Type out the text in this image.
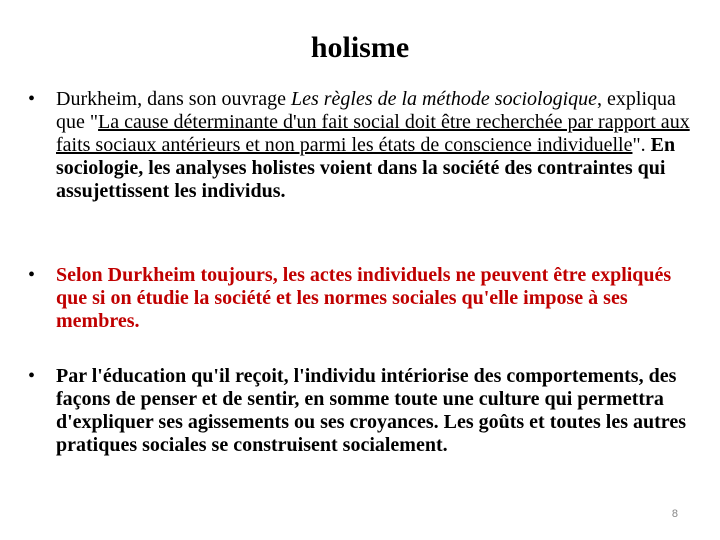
holisme
•	Durkheim, dans son ouvrage Les règles de la méthode sociologique, expliqua que "La cause déterminante d'un fait social doit être recherchée par rapport aux faits sociaux antérieurs et non parmi les états de conscience individuelle". En sociologie, les analyses holistes voient dans la société des contraintes qui assujettissent les individus.
•	Selon Durkheim toujours, les actes individuels ne peuvent être expliqués que si on étudie la société et les normes sociales qu'elle impose à ses membres.
•	Par l'éducation qu'il reçoit, l'individu intériorise des comportements, des façons de penser et de sentir, en somme toute une culture qui permettra d'expliquer ses agissements ou ses croyances. Les goûts et toutes les autres pratiques sociales se construisent socialement.
8
